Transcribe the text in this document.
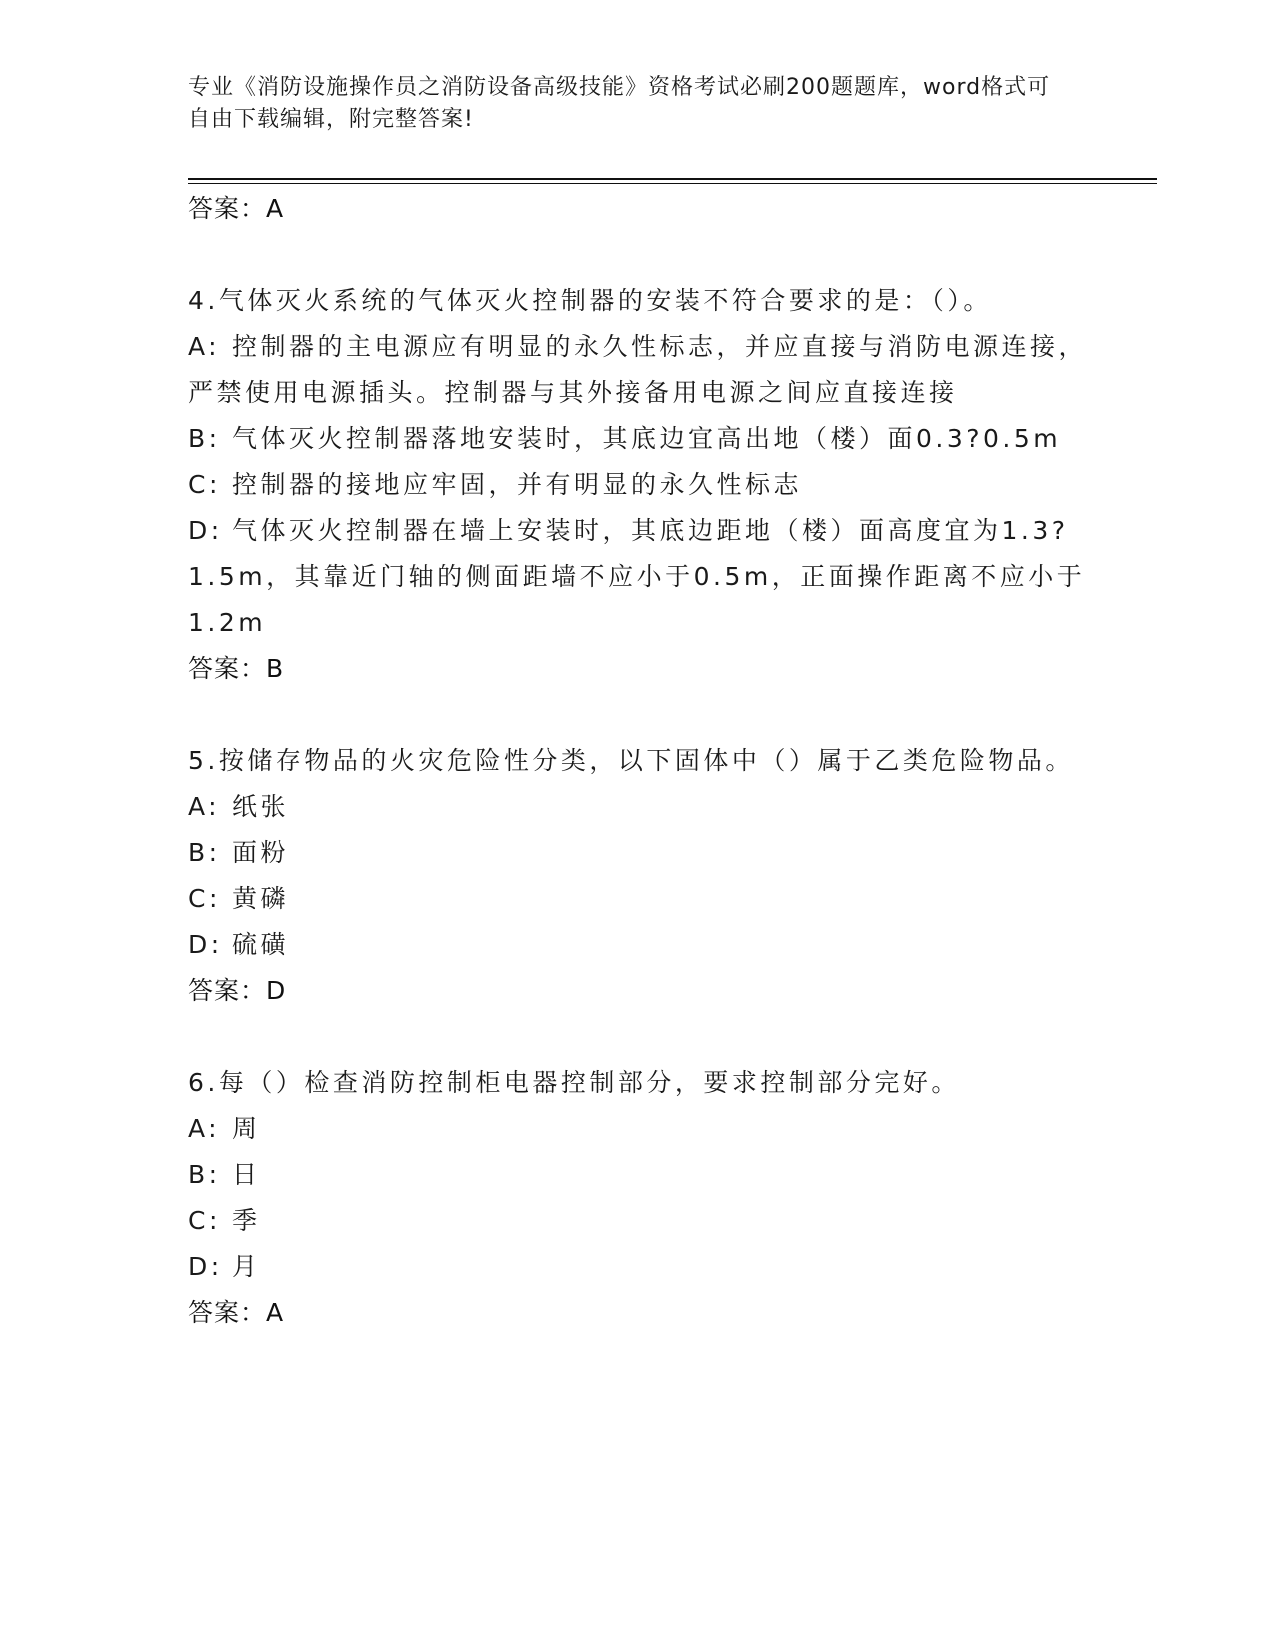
专业《消防设施操作员之消防设备高级技能》资格考试必刷200题题库，word格式可自由下载编辑，附完整答案!
答案：A
4.气体灭火系统的气体灭火控制器的安装不符合要求的是：（）。
A: 控制器的主电源应有明显的永久性标志，并应直接与消防电源连接，严禁使用电源插头。控制器与其外接备用电源之间应直接连接
B: 气体灭火控制器落地安装时，其底边宜高出地（楼）面0.3?0.5m
C: 控制器的接地应牢固，并有明显的永久性标志
D: 气体灭火控制器在墙上安装时，其底边距地（楼）面高度宜为1.3?1.5m，其靠近门轴的侧面距墙不应小于0.5m，正面操作距离不应小于1.2m
答案：B
5.按储存物品的火灾危险性分类，以下固体中（）属于乙类危险物品。
A: 纸张
B: 面粉
C: 黄磷
D: 硫磺
答案：D
6.每（）检查消防控制柜电器控制部分，要求控制部分完好。
A: 周
B: 日
C: 季
D: 月
答案：A
